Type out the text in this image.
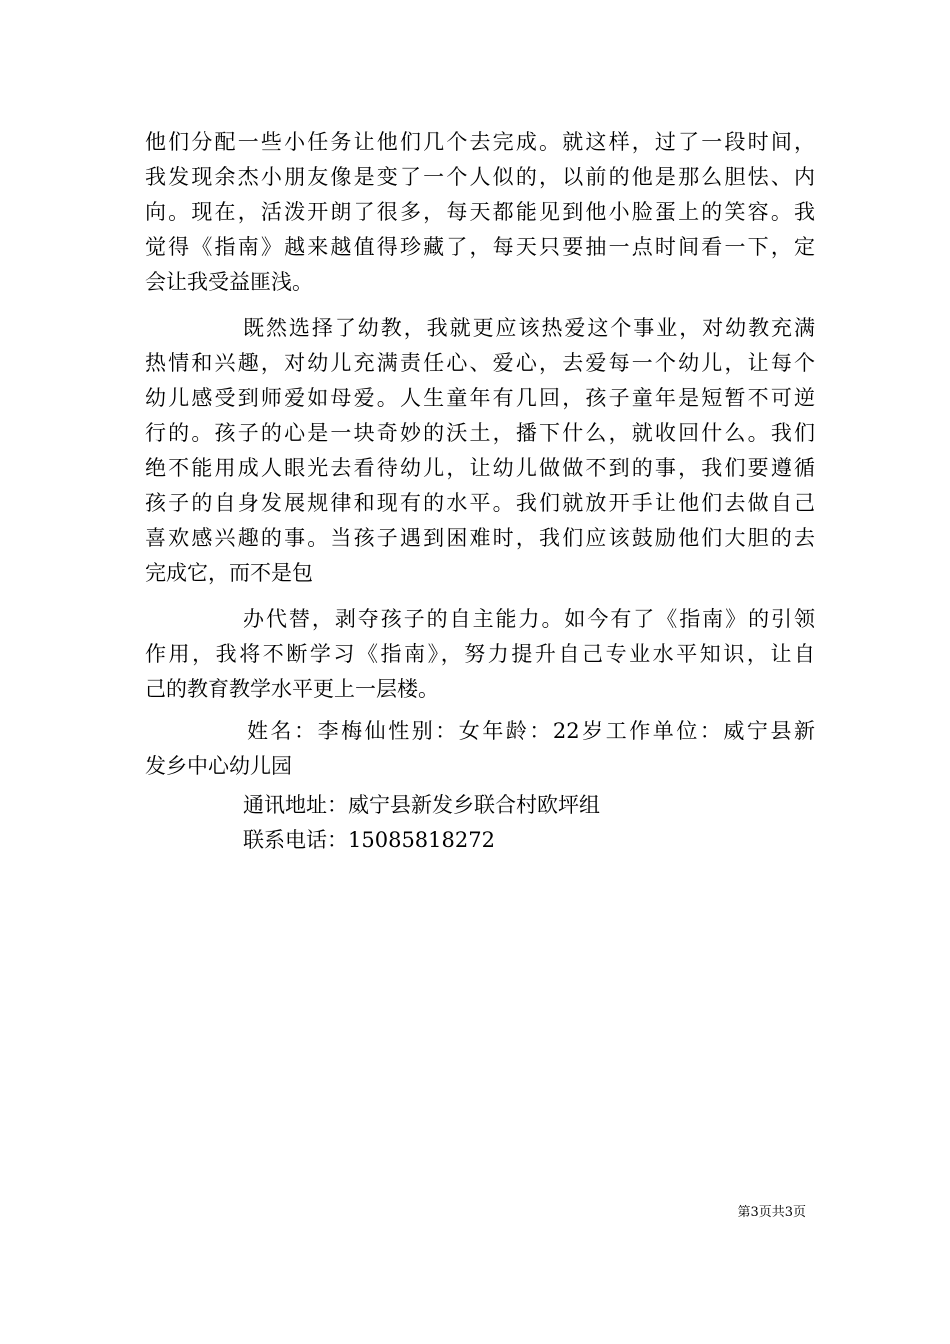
他们分配一些小任务让他们几个去完成。就这样，过了一段时间，
我发现余杰小朋友像是变了一个人似的，以前的他是那么胆怯、内
向。现在，活泼开朗了很多，每天都能见到他小脸蛋上的笑容。我
觉得《指南》越来越值得珍藏了，每天只要抽一点时间看一下，定
会让我受益匪浅。
既然选择了幼教，我就更应该热爱这个事业，对幼教充满
热情和兴趣，对幼儿充满责任心、爱心，去爱每一个幼儿，让每个
幼儿感受到师爱如母爱。人生童年有几回，孩子童年是短暂不可逆
行的。孩子的心是一块奇妙的沃土，播下什么，就收回什么。我们
绝不能用成人眼光去看待幼儿，让幼儿做做不到的事，我们要遵循
孩子的自身发展规律和现有的水平。我们就放开手让他们去做自己
喜欢感兴趣的事。当孩子遇到困难时，我们应该鼓励他们大胆的去
完成它，而不是包
办代替，剥夺孩子的自主能力。如今有了《指南》的引领
作用，我将不断学习《指南》，努力提升自己专业水平知识，让自
己的教育教学水平更上一层楼。
姓名：李梅仙性别：女年龄：22岁工作单位：威宁县新
发乡中心幼儿园
通讯地址：威宁县新发乡联合村欧坪组
联系电话：15085818272
第3页共3页
